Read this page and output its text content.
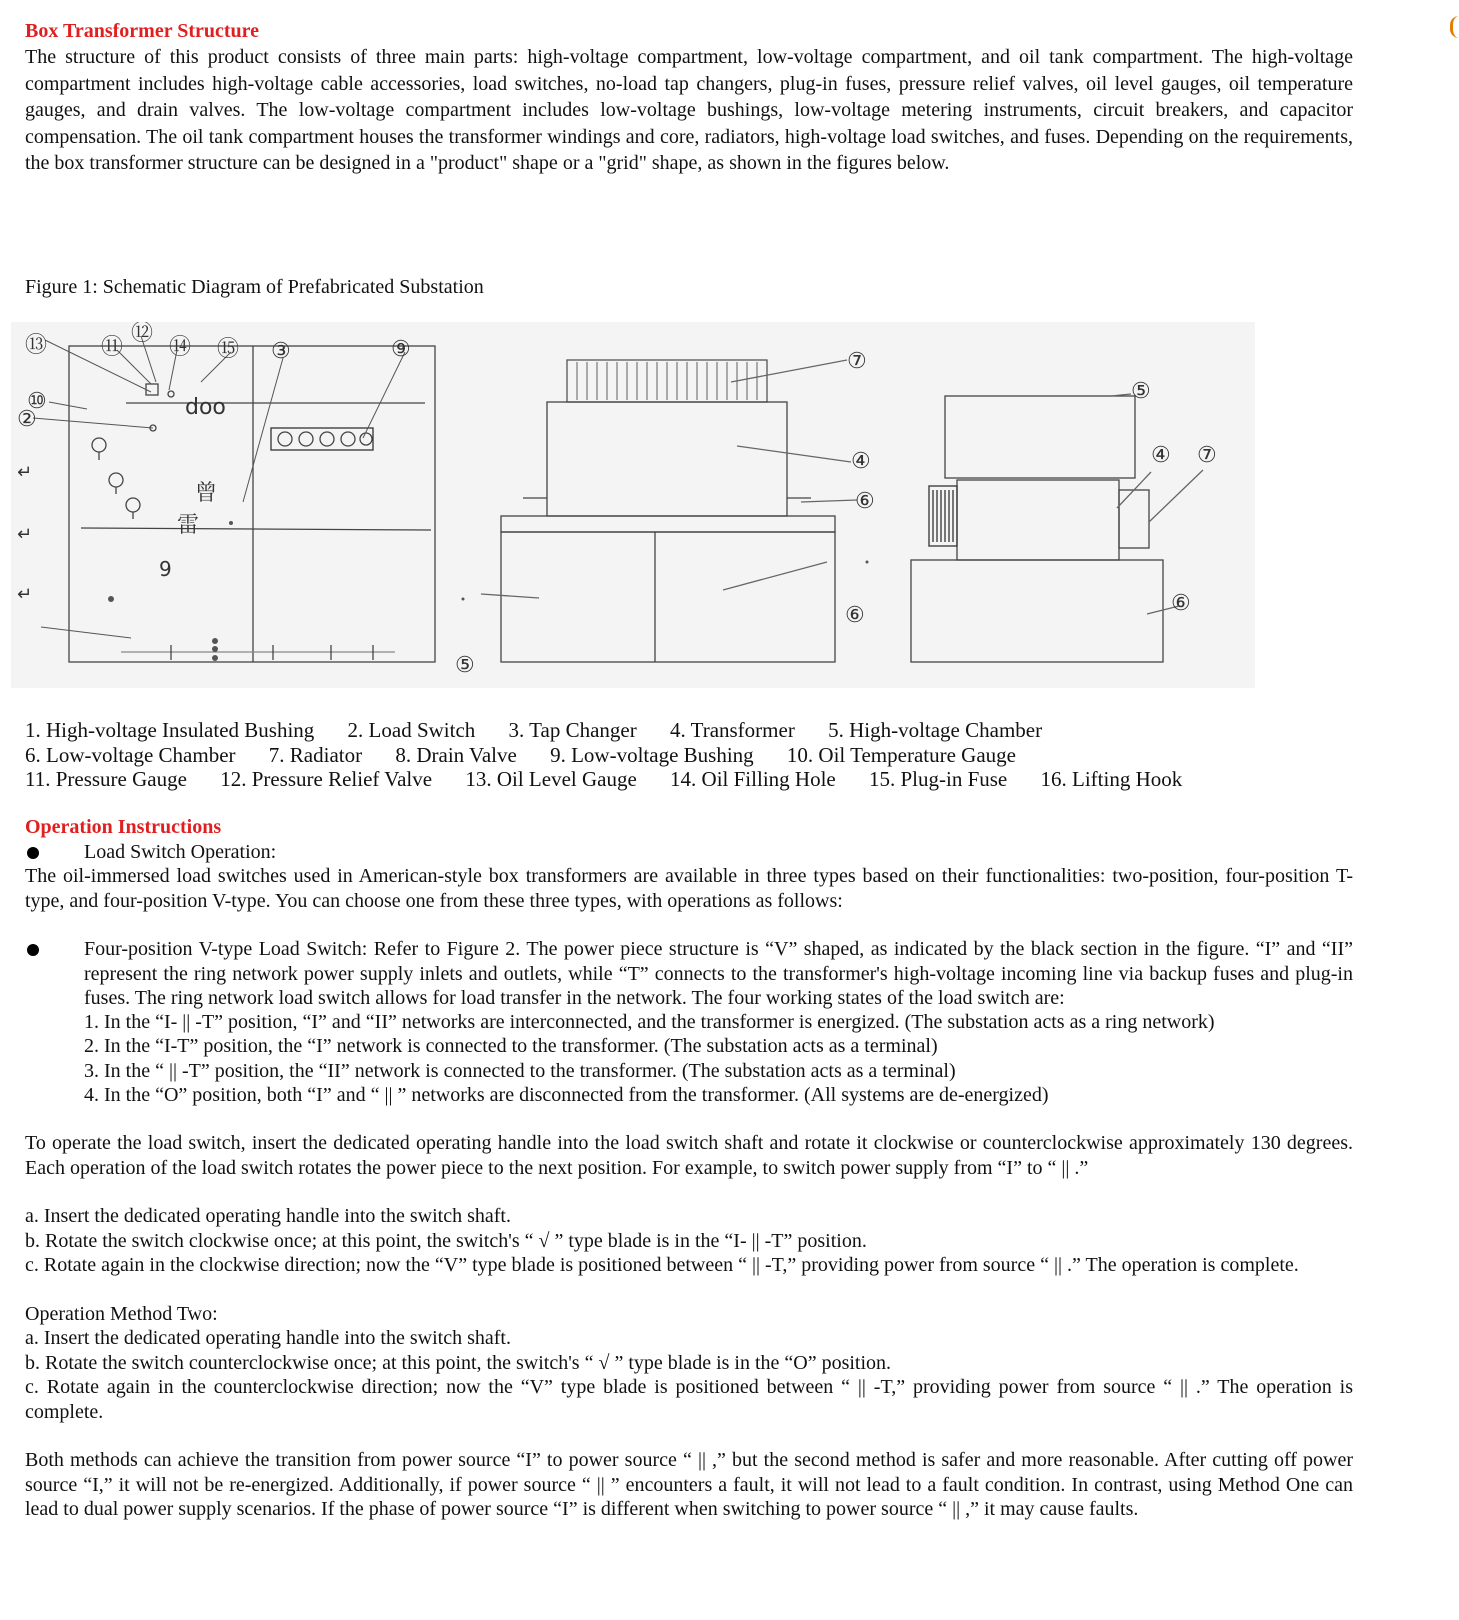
Box Transformer Structure

The structure of this product consists of three main parts: high-voltage compartment, low-voltage compartment, and oil tank compartment. The high-voltage compartment includes high-voltage cable accessories, load switches, no-load tap changers, plug-in fuses, pressure relief valves, oil level gauges, oil temperature gauges, and drain valves. The low-voltage compartment includes low-voltage bushings, low-voltage metering instruments, circuit breakers, and capacitor compensation. The oil tank compartment houses the transformer windings and core, radiators, high-voltage load switches, and fuses. Depending on the requirements, the box transformer structure can be designed in a "product" shape or a "grid" shape, as shown in the figures below.

Figure 1: Schematic Diagram of Prefabricated Substation

⑬ ⑪
⑫
⑭ ⑮ ③	⑨
⑩
②
⑦
④
⑥
⑥
⑤
⑤
④ ⑦
⑥
doo
曾
雷
9
↵
↵
↵
1. High-voltage Insulated Bushing 2. Load Switch 3. Tap Changer 4. Transformer 5. High-voltage Chamber
6. Low-voltage Chamber 7. Radiator 8. Drain Valve 9. Low-voltage Bushing 10. Oil Temperature Gauge
11. Pressure Gauge 12. Pressure Relief Valve 13. Oil Level Gauge 14. Oil Filling Hole 15. Plug-in Fuse 16. Lifting Hook
Operation Instructions
Load Switch Operation:

The oil-immersed load switches used in American-style box transformers are available in three types based on their functionalities: two-position, four-position T-type, and four-position V-type. You can choose one from these three types, with operations as follows:

Four-position V-type Load Switch: Refer to Figure 2. The power piece structure is “V” shaped, as indicated by the black section in the figure. “I” and “II” represent the ring network power supply inlets and outlets, while “T” connects to the transformer's high-voltage incoming line via backup fuses and plug-in fuses. The ring network load switch allows for load transfer in the network. The four working states of the load switch are:
1. In the “I- || -T” position, “I” and “II” networks are interconnected, and the transformer is energized. (The substation acts as a ring network)
2. In the “I-T” position, the “I” network is connected to the transformer. (The substation acts as a terminal)
3. In the “ || -T” position, the “II” network is connected to the transformer. (The substation acts as a terminal)
4. In the “O” position, both “I” and “ || ” networks are disconnected from the transformer. (All systems are de-energized)

To operate the load switch, insert the dedicated operating handle into the load switch shaft and rotate it clockwise or counterclockwise approximately 130 degrees. Each operation of the load switch rotates the power piece to the next position. For example, to switch power supply from “I” to “ || .”

a. Insert the dedicated operating handle into the switch shaft.

b. Rotate the switch clockwise once; at this point, the switch's “ √ ” type blade is in the “I- || -T” position.

c. Rotate again in the clockwise direction; now the “V” type blade is positioned between “ || -T,” providing power from source “ || .” The operation is complete.

Operation Method Two:

a. Insert the dedicated operating handle into the switch shaft.

b. Rotate the switch counterclockwise once; at this point, the switch's “ √ ” type blade is in the “O” position.

c. Rotate again in the counterclockwise direction; now the “V” type blade is positioned between “ || -T,” providing power from source “ || .” The operation is complete.

Both methods can achieve the transition from power source “I” to power source “ || ,” but the second method is safer and more reasonable. After cutting off power source “I,” it will not be re-energized. Additionally, if power source “ || ” encounters a fault, it will not lead to a fault condition. In contrast, using Method One can lead to dual power supply scenarios. If the phase of power source “I” is different when switching to power source “ || ,” it may cause faults.
